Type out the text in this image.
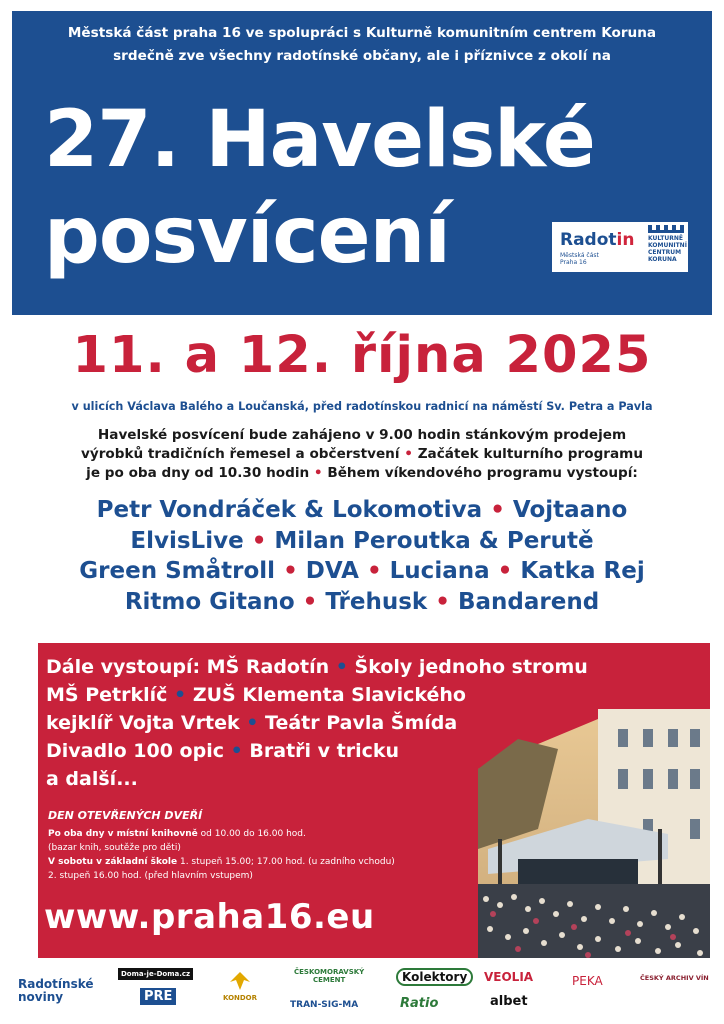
Městská část praha 16 ve spolupráci s Kulturně komunitním centrem Koruna
srdečně zve všechny radotínské občany, ale i příznivce z okolí na
27. Havelské
posvícení	Radotin
Městská část Praha 16
KULTURNĚ KOMUNITNÍ CENTRUM KORUNA
11. a 12. října 2025
v ulicích Václava Balého a Loučanská, před radotínskou radnicí na náměstí Sv. Petra a Pavla
Havelské posvícení bude zahájeno v 9.00 hodin stánkovým prodejem
výrobků tradičních řemesel a občerstvení • Začátek kulturního programu
je po oba dny od 10.30 hodin • Během víkendového programu vystoupí:
Petr Vondráček & Lokomotiva • Vojtaano
ElvisLive • Milan Peroutka & Perutě
Green Småtroll • DVA • Luciana • Katka Rej
Ritmo Gitano • Třehusk • Bandarend
Dále vystoupí: MŠ Radotín • Školy jednoho stromu
MŠ Petrklíč • ZUŠ Klementa Slavického
kejklíř Vojta Vrtek • Teátr Pavla Šmída
Divadlo 100 opic • Bratři v tricku
a další...
DEN OTEVŘENÝCH DVEŘÍ
Po oba dny v místní knihovně od 10.00 do 16.00 hod.
(bazar knih, soutěže pro děti)
V sobotu v základní škole 1. stupeň 15.00; 17.00 hod. (u zadního vchodu)
2. stupeň 16.00 hod. (před hlavním vstupem)
www.praha16.eu
Radotínské
noviny
Doma-je-Doma.cz
PRE	KONDOR
ČESKOMORAVSKÝ
CEMENT
TRAN-SIG-MA
Kolektory
Ratio
VEOLIA
albet
PEKA	ČESKÝ ARCHIV VÍN
